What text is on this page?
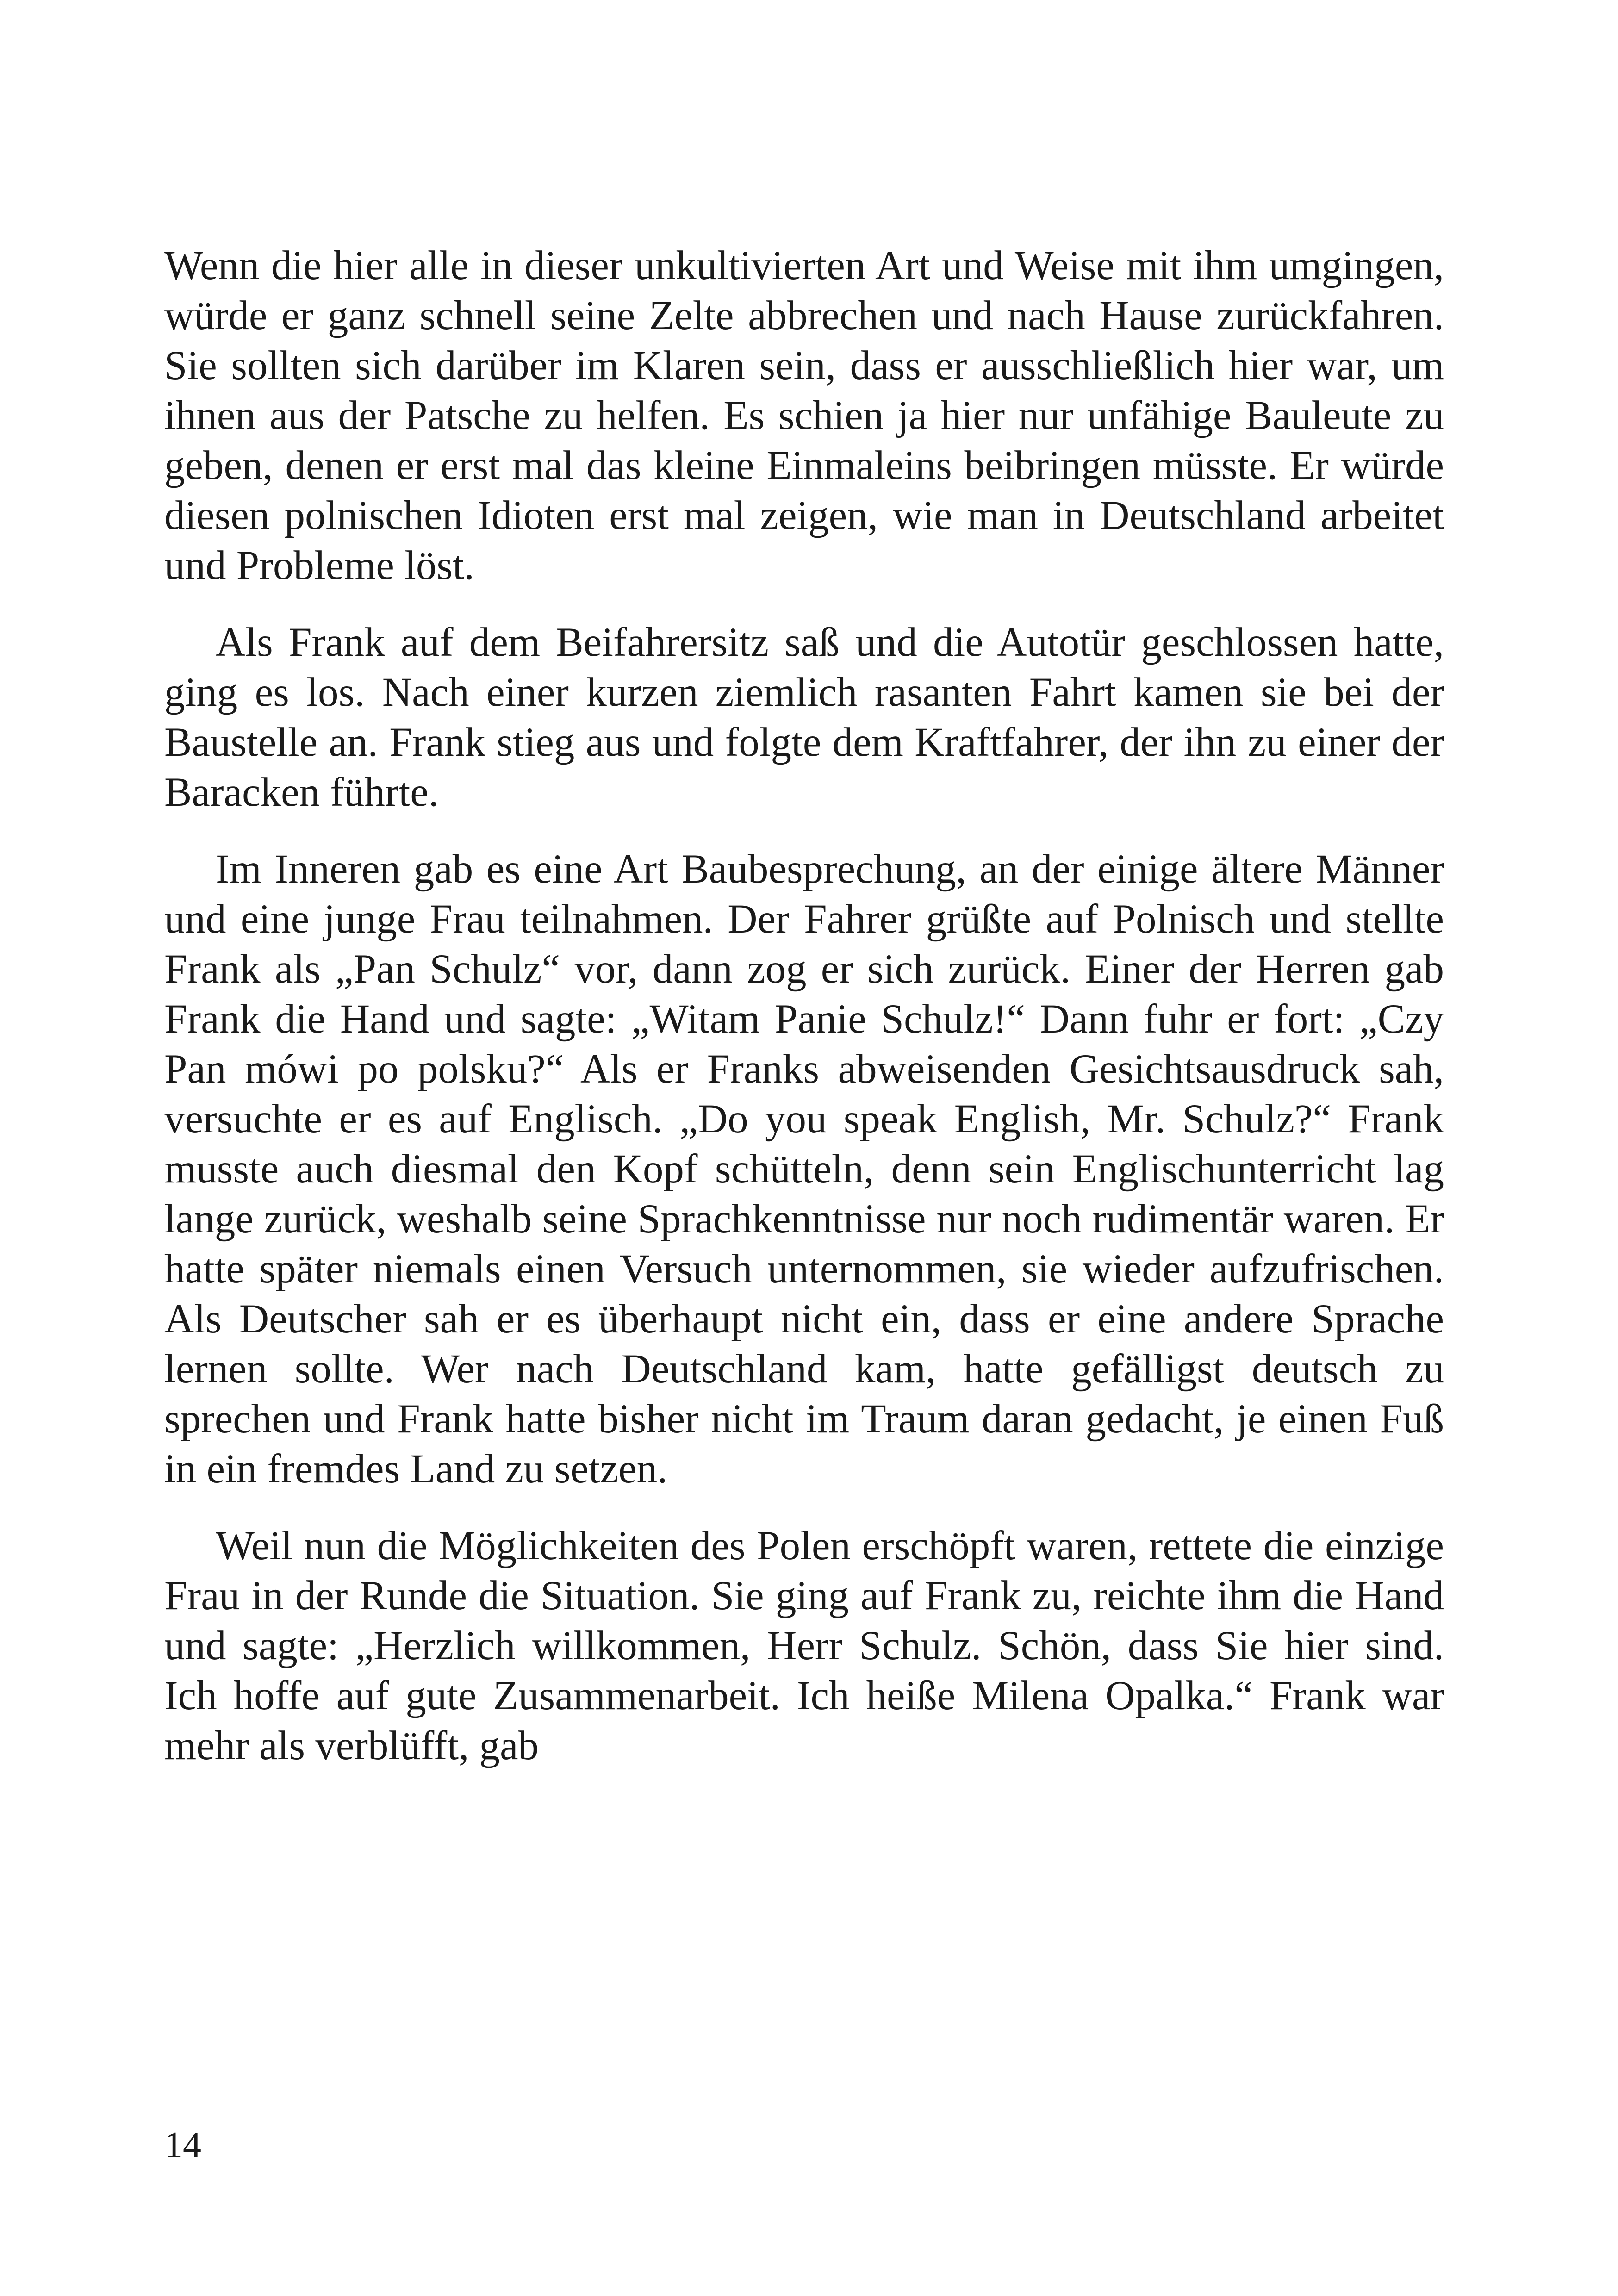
Wenn die hier alle in dieser unkultivierten Art und Weise mit ihm umgingen, würde er ganz schnell seine Zelte abbrechen und nach Hause zurückfahren. Sie sollten sich darüber im Klaren sein, dass er ausschließlich hier war, um ihnen aus der Patsche zu helfen. Es schien ja hier nur unfähige Bauleute zu geben, denen er erst mal das kleine Einmaleins beibringen müsste. Er würde diesen polnischen Idioten erst mal zeigen, wie man in Deutschland arbeitet und Probleme löst.

Als Frank auf dem Beifahrersitz saß und die Autotür geschlossen hatte, ging es los. Nach einer kurzen ziemlich rasanten Fahrt kamen sie bei der Baustelle an. Frank stieg aus und folgte dem Kraftfahrer, der ihn zu einer der Baracken führte.

Im Inneren gab es eine Art Baubesprechung, an der einige ältere Männer und eine junge Frau teilnahmen. Der Fahrer grüßte auf Polnisch und stellte Frank als „Pan Schulz“ vor, dann zog er sich zurück. Einer der Herren gab Frank die Hand und sagte: „Witam Panie Schulz!“ Dann fuhr er fort: „Czy Pan mówi po polsku?“ Als er Franks abweisenden Gesichtsausdruck sah, versuchte er es auf Englisch. „Do you speak English, Mr. Schulz?“ Frank musste auch diesmal den Kopf schütteln, denn sein Englischunterricht lag lange zurück, weshalb seine Sprachkenntnisse nur noch rudimentär waren. Er hatte später niemals einen Versuch unternommen, sie wieder aufzufrischen. Als Deutscher sah er es überhaupt nicht ein, dass er eine andere Sprache lernen sollte. Wer nach Deutschland kam, hatte gefälligst deutsch zu sprechen und Frank hatte bisher nicht im Traum daran gedacht, je einen Fuß in ein fremdes Land zu setzen.

Weil nun die Möglichkeiten des Polen erschöpft waren, rettete die einzige Frau in der Runde die Situation. Sie ging auf Frank zu, reichte ihm die Hand und sagte: „Herzlich willkommen, Herr Schulz. Schön, dass Sie hier sind. Ich hoffe auf gute Zusammenarbeit. Ich heiße Milena Opalka.“ Frank war mehr als verblüfft, gab

14
